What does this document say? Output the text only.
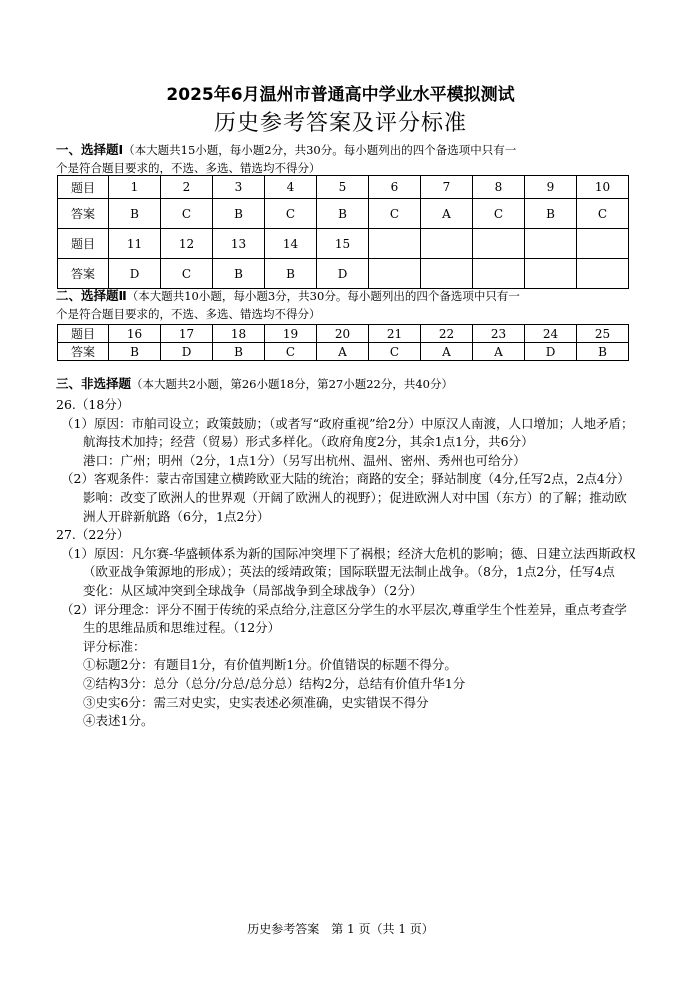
2025年6月温州市普通高中学业水平模拟测试
历史参考答案及评分标准

一、选择题Ⅰ（本大题共15小题，每小题2分，共30分。每小题列出的四个备选项中只有一

个是符合题目要求的，不选、多选、错选均不得分）

题目	1	2	3	4	5	6	7	8	9	10
答案	B	C	B	C	B	C	A	C	B	C
题目	11	12	13	14	15					
答案	D	C	B	B	D					

二、选择题Ⅱ（本大题共10小题，每小题3分，共30分。每小题列出的四个备选项中只有一

个是符合题目要求的，不选、多选、错选均不得分）

题目	16	17	18	19	20	21	22	23	24	25
答案	B	D	B	C	A	C	A	A	D	B

三、非选择题（本大题共2小题，第26小题18分，第27小题22分，共40分）

26.（18分）

（1）原因：市舶司设立；政策鼓励；（或者写“政府重视”给2分）中原汉人南渡，人口增加；人地矛盾；航海技术加持；经营（贸易）形式多样化。（政府角度2分，其余1点1分，共6分）

港口：广州；明州（2分，1点1分）（另写出杭州、温州、密州、秀州也可给分）

（2）客观条件：蒙古帝国建立横跨欧亚大陆的统治；商路的安全；驿站制度（4分,任写2点，2点4分）

影响：改变了欧洲人的世界观（开阔了欧洲人的视野）；促进欧洲人对中国（东方）的了解；推动欧洲人开辟新航路（6分，1点2分）

27.（22分）

（1）原因：凡尔赛-华盛顿体系为新的国际冲突埋下了祸根；经济大危机的影响；德、日建立法西斯政权（欧亚战争策源地的形成）；英法的绥靖政策；国际联盟无法制止战争。（8分，1点2分，任写4点

变化：从区域冲突到全球战争（局部战争到全球战争）（2分）

（2）评分理念：评分不囿于传统的采点给分,注意区分学生的水平层次,尊重学生个性差异，重点考查学生的思维品质和思维过程。（12分）

评分标准：

①标题2分：有题目1分，有价值判断1分。价值错误的标题不得分。

②结构3分：总分（总分/分总/总分总）结构2分，总结有价值升华1分

③史实6分：需三对史实，史实表述必须准确，史实错误不得分

④表述1分。

历史参考答案　第 1 页（共 1 页）
